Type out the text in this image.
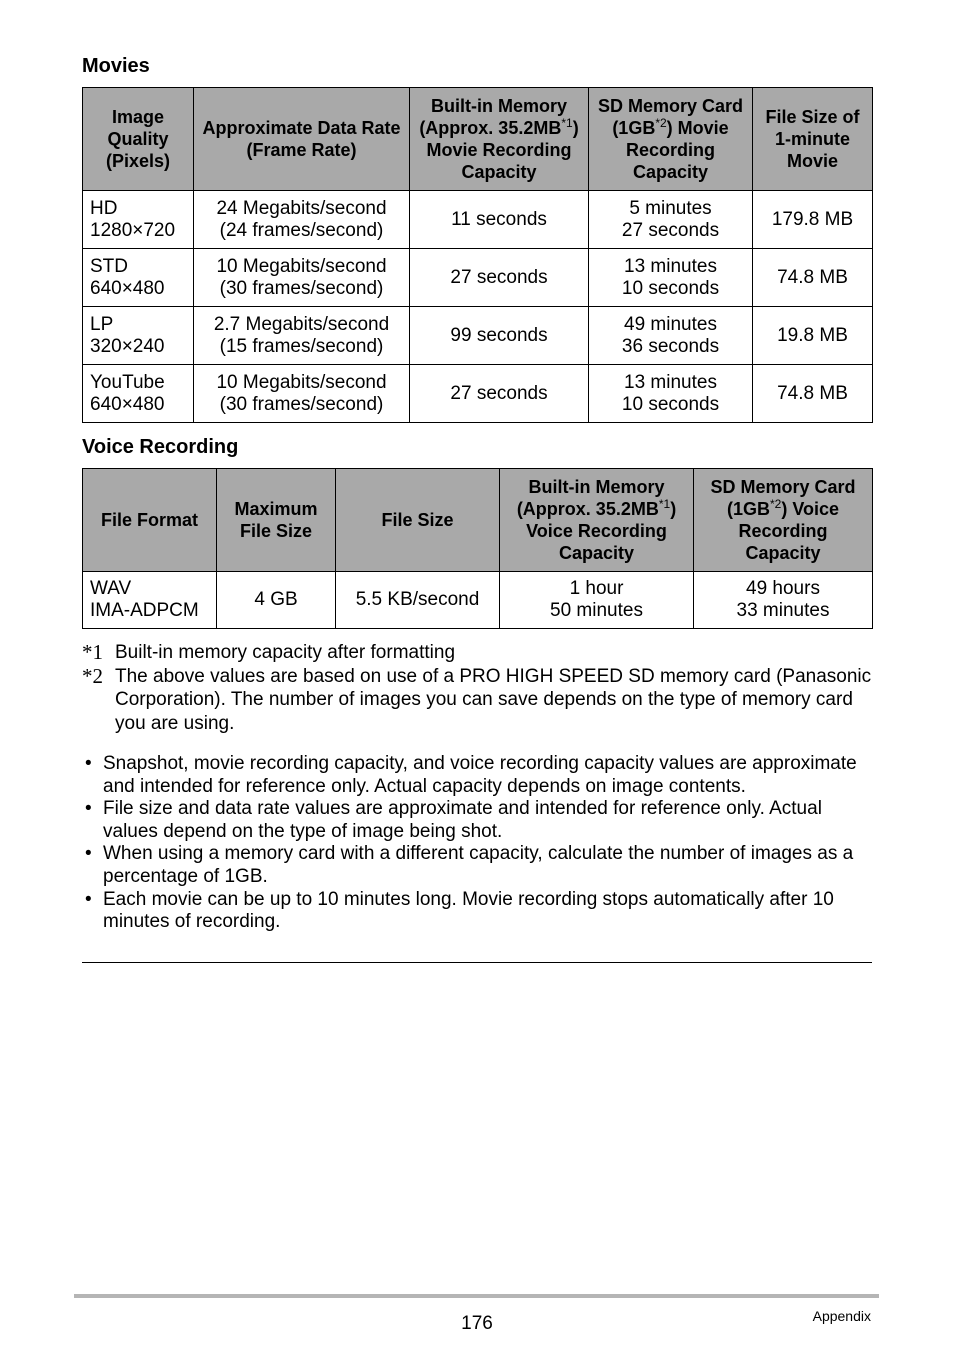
Movies
Image
Quality
(Pixels)	Approximate Data Rate
(Frame Rate)	Built-in Memory
(Approx. 35.2MB$^{*1}$)
Movie Recording
Capacity	SD Memory Card
(1GB$^{*2}$) Movie
Recording
Capacity	File Size of
1-minute
Movie

HD
1280×720	24 Megabits/second
(24 frames/second)	11 seconds	5 minutes
27 seconds	179.8 MB

STD
640×480	10 Megabits/second
(30 frames/second)	27 seconds	13 minutes
10 seconds	74.8 MB

LP
320×240	2.7 Megabits/second
(15 frames/second)	99 seconds	49 minutes
36 seconds	19.8 MB

YouTube
640×480	10 Megabits/second
(30 frames/second)	27 seconds	13 minutes
10 seconds	74.8 MB
Voice Recording
File Format	Maximum
File Size	File Size	Built-in Memory
(Approx. 35.2MB$^{*1}$)
Voice Recording
Capacity	SD Memory Card
(1GB$^{*2}$) Voice
Recording
Capacity

WAV
IMA-ADPCM	4 GB	5.5 KB/second	1 hour
50 minutes	49 hours
33 minutes
*1 Built-in memory capacity after formatting
*2 The above values are based on use of a PRO HIGH SPEED SD memory card (Panasonic Corporation). The number of images you can save depends on the type of memory card you are using.
• Snapshot, movie recording capacity, and voice recording capacity values are approximate and intended for reference only. Actual capacity depends on image contents.
• File size and data rate values are approximate and intended for reference only. Actual values depend on the type of image being shot.
• When using a memory card with a different capacity, calculate the number of images as a percentage of 1GB.
• Each movie can be up to 10 minutes long. Movie recording stops automatically after 10 minutes of recording.
176	Appendix
